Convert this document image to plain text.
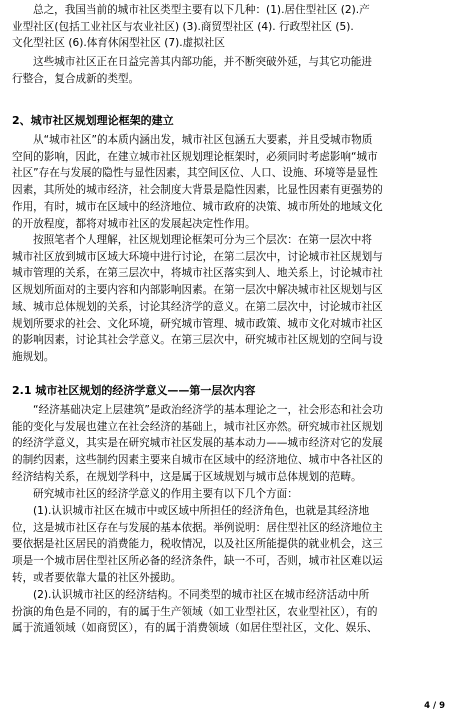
总之，我国当前的城市社区类型主要有以下几种：(1).居住型社区 (2).产
业型社区(包括工业社区与农业社区) (3).商贸型社区 (4). 行政型社区 (5).
文化型社区 (6).体育休闲型社区 (7).虚拟社区
这些城市社区正在日益完善其内部功能，并不断突破外延，与其它功能进
行整合，复合成新的类型。
2、城市社区规划理论框架的建立
从“城市社区”的本质内涵出发，城市社区包涵五大要素，并且受城市物质
空间的影响，因此，在建立城市社区规划理论框架时，必须同时考虑影响“城市
社区”存在与发展的隐性与显性因素，其空间区位、人口、设施、环境等是显性
因素，其所处的城市经济，社会制度大背景是隐性因素，比显性因素有更强势的
作用，有时，城市在区域中的经济地位、城市政府的决策、城市所处的地域文化
的开放程度，都将对城市社区的发展起决定性作用。
按照笔者个人理解，社区规划理论框架可分为三个层次：在第一层次中将
城市社区放到城市区域大环境中进行讨论，在第二层次中，讨论城市社区规划与
城市管理的关系，在第三层次中，将城市社区落实到人、地关系上，讨论城市社
区规划所面对的主要内容和内部影响因素。在第一层次中解决城市社区规划与区
域、城市总体规划的关系，讨论其经济学的意义。在第二层次中，讨论城市社区
规划所要求的社会、文化环境，研究城市管理、城市政策、城市文化对城市社区
的影响因素，讨论其社会学意义。在第三层次中，研究城市社区规划的空间与设
施规划。
2.1 城市社区规划的经济学意义——第一层次内容
“经济基础决定上层建筑”是政治经济学的基本理论之一，社会形态和社会功
能的变化与发展也建立在社会经济的基础上，城市社区亦然。研究城市社区规划
的经济学意义，其实是在研究城市社区发展的基本动力——城市经济对它的发展
的制约因素，这些制约因素主要来自城市在区域中的经济地位、城市中各社区的
经济结构关系，在规划学科中，这是属于区域规划与城市总体规划的范畴。
研究城市社区的经济学意义的作用主要有以下几个方面：
(1).认识城市社区在城市中或区域中所担任的经济角色，也就是其经济地
位，这是城市社区存在与发展的基本依据。举例说明：居住型社区的经济地位主
要依据是社区居民的消费能力，税收情况，以及社区所能提供的就业机会，这三
项是一个城市居住型社区所必备的经济条件，缺一不可，否则，城市社区难以运
转，或者要依靠大量的社区外援助。
(2).认识城市社区的经济结构。不同类型的城市社区在城市经济活动中所
扮演的角色是不同的，有的属于生产领域（如工业型社区，农业型社区），有的
属于流通领域（如商贸区），有的属于消费领域（如居住型社区，文化、娱乐、
4 / 9
